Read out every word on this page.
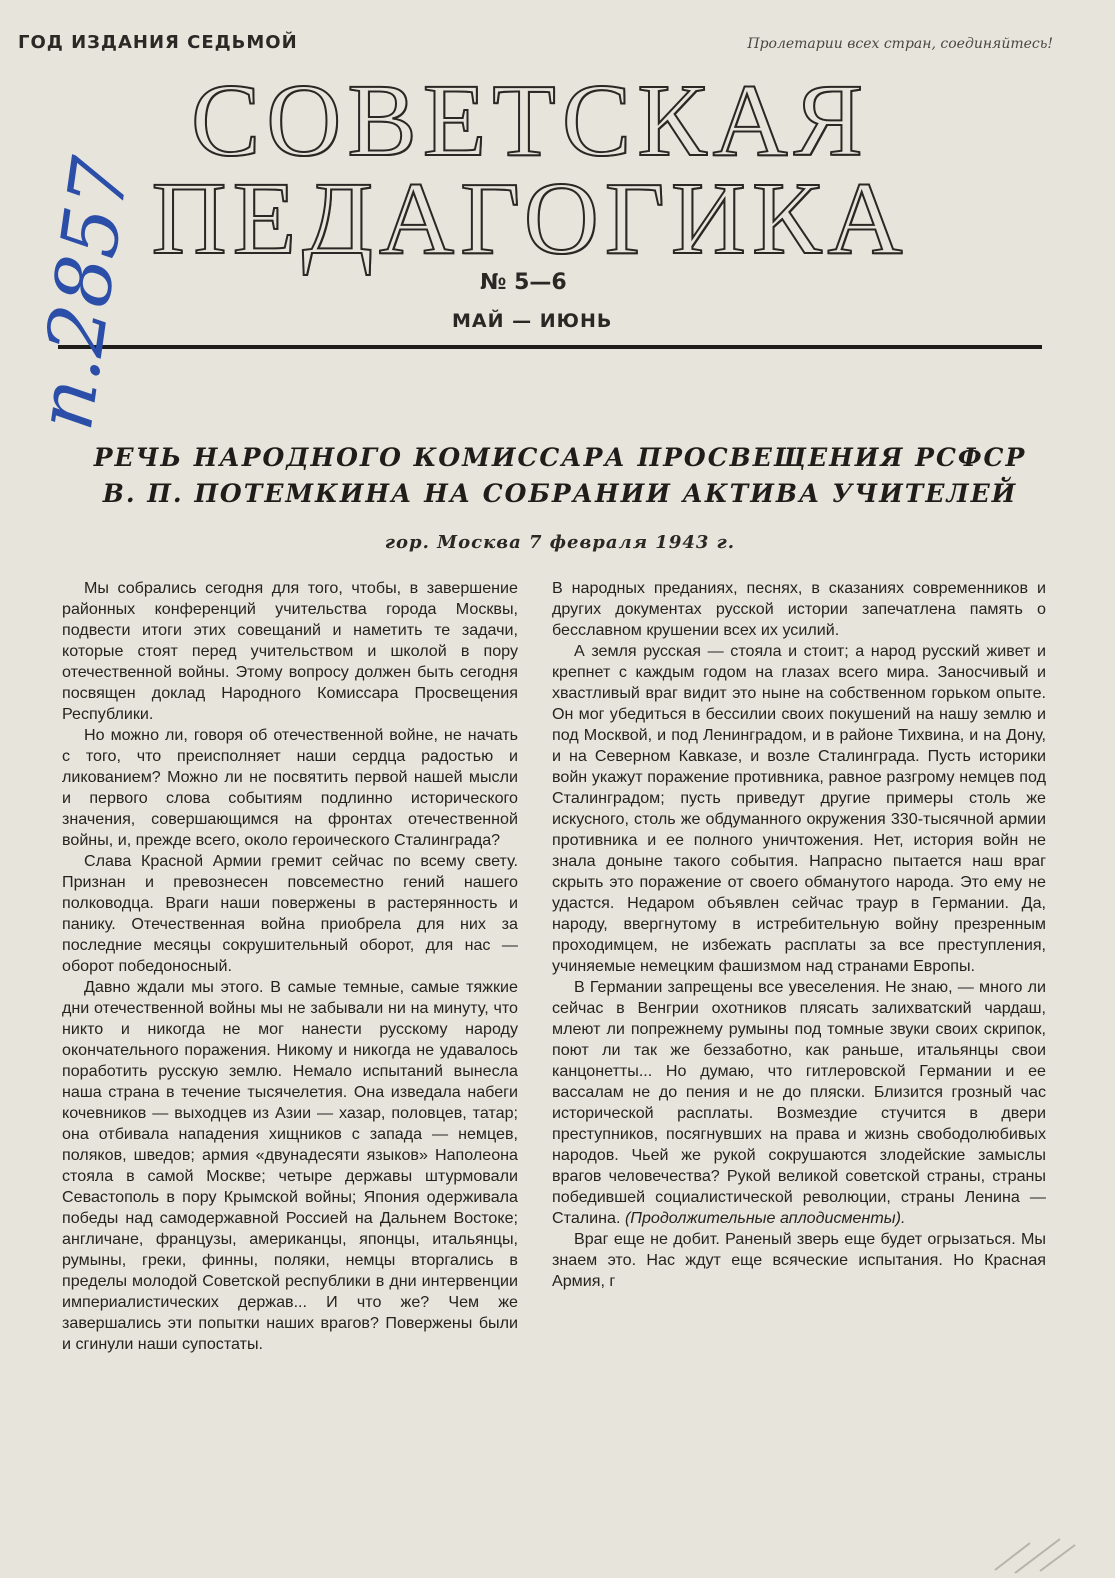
ГОД ИЗДАНИЯ СЕДЬМОЙ	Пролетарии всех стран, соединяйтесь!
СОВЕТСКАЯ
ПЕДАГОГИКА
№ 5—6
МАЙ — ИЮНЬ
п.2857
РЕЧЬ НАРОДНОГО КОМИССАРА ПРОСВЕЩЕНИЯ РСФСР
В. П. ПОТЕМКИНА НА СОБРАНИИ АКТИВА УЧИТЕЛЕЙ
гор. Москва 7 февраля 1943 г.

Мы собрались сегодня для того, чтобы, в завершение районных конференций учительства города Москвы, подвести итоги этих совещаний и наметить те задачи, которые стоят перед учительством и школой в пору отечественной войны. Этому вопросу должен быть сегодня посвящен доклад Народного Комиссара Просвещения Республики.

Но можно ли, говоря об отечественной войне, не начать с того, что преисполняет наши сердца радостью и ликованием? Можно ли не посвятить первой нашей мысли и первого слова событиям подлинно исторического значения, совершающимся на фронтах отечественной войны, и, прежде всего, около героического Сталинграда?

Слава Красной Армии гремит сейчас по всему свету. Признан и превознесен повсеместно гений нашего полководца. Враги наши повержены в растерянность и панику. Отечественная война приобрела для них за последние месяцы сокрушительный оборот, для нас — оборот победоносный.

Давно ждали мы этого. В самые темные, самые тяжкие дни отечественной войны мы не забывали ни на минуту, что никто и никогда не мог нанести русскому народу окончательного поражения. Никому и никогда не удавалось поработить русскую землю. Немало испытаний вынесла наша страна в течение тысячелетия. Она изведала набеги кочевников — выходцев из Азии — хазар, половцев, татар; она отбивала нападения хищников с запада — немцев, поляков, шведов; армия «двунадесяти языков» Наполеона стояла в самой Москве; четыре державы штурмовали Севастополь в пору Крымской войны; Япония одерживала победы над самодержавной Россией на Дальнем Востоке; англичане, французы, американцы, японцы, итальянцы, румыны, греки, финны, поляки, немцы вторгались в пределы молодой Советской республики в дни интервенции империалистических держав... И что же? Чем же завершались эти попытки наших врагов? Повержены были и сгинули наши супостаты.

В народных преданиях, песнях, в сказаниях современников и других документах русской истории запечатлена память о бесславном крушении всех их усилий.

А земля русская — стояла и стоит; а народ русский живет и крепнет с каждым годом на глазах всего мира. Заносчивый и хвастливый враг видит это ныне на собственном горьком опыте. Он мог убедиться в бессилии своих покушений на нашу землю и под Москвой, и под Ленинградом, и в районе Тихвина, и на Дону, и на Северном Кавказе, и возле Сталинграда. Пусть историки войн укажут поражение противника, равное разгрому немцев под Сталинградом; пусть приведут другие примеры столь же искусного, столь же обдуманного окружения 330-тысячной армии противника и ее полного уничтожения. Нет, история войн не знала доныне такого события. Напрасно пытается наш враг скрыть это поражение от своего обманутого народа. Это ему не удастся. Недаром объявлен сейчас траур в Германии. Да, народу, ввергнутому в истребительную войну презренным проходимцем, не избежать расплаты за все преступления, учиняемые немецким фашизмом над странами Европы.

В Германии запрещены все увеселения. Не знаю, — много ли сейчас в Венгрии охотников плясать залихватский чардаш, млеют ли попрежнему румыны под томные звуки своих скрипок, поют ли так же беззаботно, как раньше, итальянцы свои канцонетты... Но думаю, что гитлеровской Германии и ее вассалам не до пения и не до пляски. Близится грозный час исторической расплаты. Возмездие стучится в двери преступников, посягнувших на права и жизнь свободолюбивых народов. Чьей же рукой сокрушаются злодейские замыслы врагов человечества? Рукой великой советской страны, страны победившей социалистической революции, страны Ленина — Сталина. (Продолжительные аплодисменты).

Враг еще не добит. Раненый зверь еще будет огрызаться. Мы знаем это. Нас ждут еще всяческие испытания. Но Красная Армия, г
